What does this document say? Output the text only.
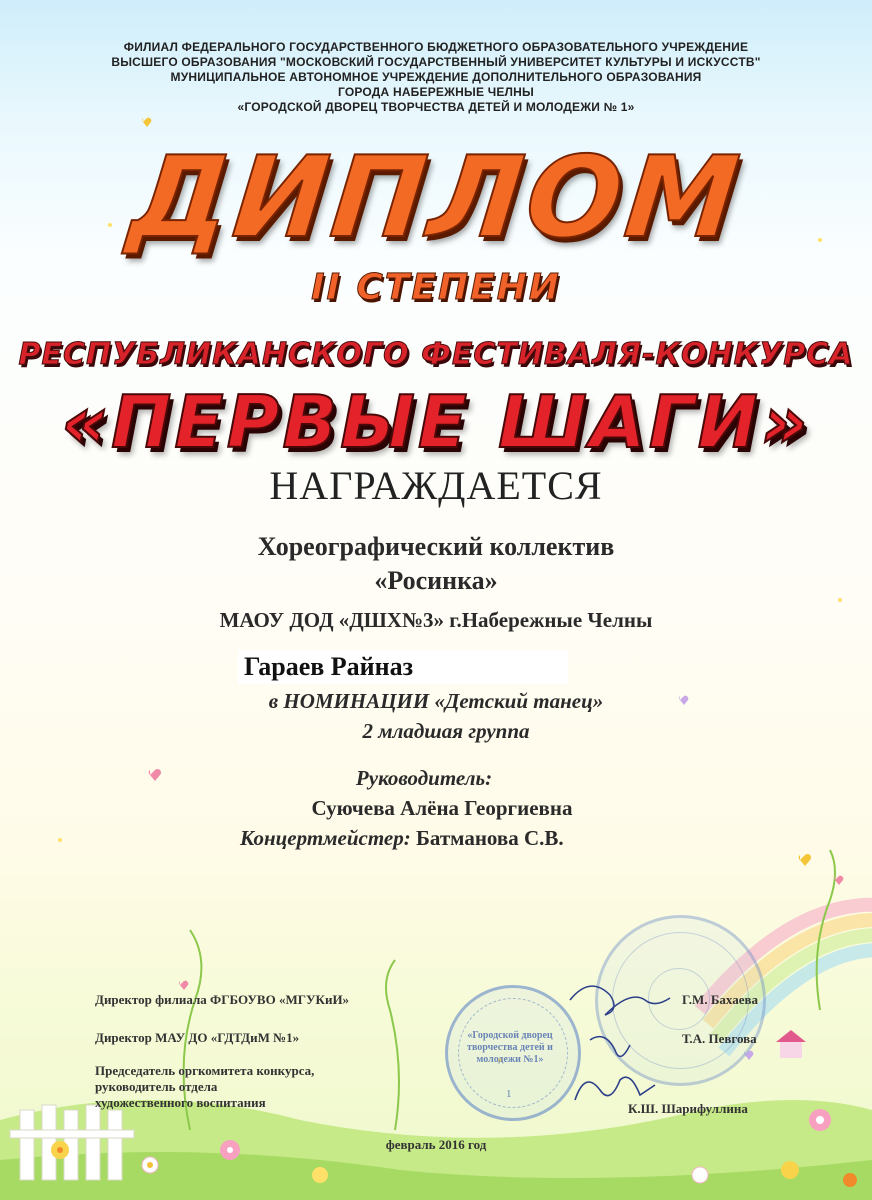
ФИЛИАЛ ФЕДЕРАЛЬНОГО ГОСУДАРСТВЕННОГО БЮДЖЕТНОГО ОБРАЗОВАТЕЛЬНОГО УЧРЕЖДЕНИЕ
ВЫСШЕГО ОБРАЗОВАНИЯ "МОСКОВСКИЙ ГОСУДАРСТВЕННЫЙ УНИВЕРСИТЕТ КУЛЬТУРЫ И ИСКУССТВ"
МУНИЦИПАЛЬНОЕ АВТОНОМНОЕ УЧРЕЖДЕНИЕ ДОПОЛНИТЕЛЬНОГО ОБРАЗОВАНИЯ
ГОРОДА НАБЕРЕЖНЫЕ ЧЕЛНЫ
«ГОРОДСКОЙ ДВОРЕЦ ТВОРЧЕСТВА ДЕТЕЙ И МОЛОДЕЖИ № 1»
ДИПЛОМ
II СТЕПЕНИ
РЕСПУБЛИКАНСКОГО ФЕСТИВАЛЯ-КОНКУРСА
«ПЕРВЫЕ ШАГИ»
НАГРАЖДАЕТСЯ
Хореографический коллектив
«Росинка»
МАОУ ДОД «ДШХ№3» г.Набережные Челны
Гараев Райназ
в НОМИНАЦИИ «Детский танец»
2 младшая группа
Руководитель:
Суючева Алёна Георгиевна
Концертмейстер: Батманова С.В.
«Городской дворец творчества детей и молодежи №1»
1
Директор филиала ФГБОУВО «МГУКиИ»	Г.М. Бахаева
Директор МАУ ДО «ГДТДиМ №1»	Т.А. Певгова
Председатель оргкомитета конкурса,
руководитель отдела
художественного воспитания	К.Ш. Шарифуллина
февраль 2016 год
